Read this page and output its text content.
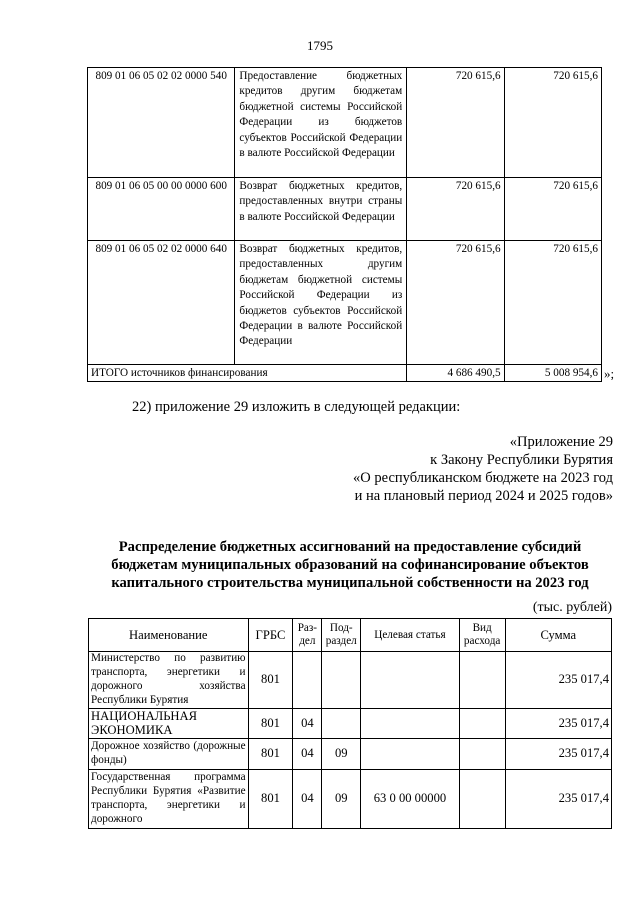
1795
809 01 06 05 02 02 0000 540	Предоставление бюджетных кредитов другим бюджетам бюджетной системы Российской Федерации из бюджетов субъектов Российской Федерации в валюте Российской Федерации	720 615,6	720 615,6
809 01 06 05 00 00 0000 600	Возврат бюджетных кредитов, предоставленных внутри страны в валюте Российской Федерации	720 615,6	720 615,6
809 01 06 05 02 02 0000 640	Возврат бюджетных кредитов, предоставленных другим бюджетам бюджетной системы Российской Федерации из бюджетов субъектов Российской Федерации в валюте Российской Федерации	720 615,6	720 615,6
ИТОГО источников финансирования		4 686 490,5	5 008 954,6 »;
22) приложение 29 изложить в следующей редакции:
«Приложение 29
к Закону Республики Бурятия
«О республиканском бюджете на 2023 год
и на плановый период 2024 и 2025 годов»
Распределение бюджетных ассигнований на предоставление субсидий
бюджетам муниципальных образований на софинансирование объектов
капитального строительства муниципальной собственности на 2023 год
(тыс. рублей)
Наименование	ГРБС	Раз-дел	Под-раздел	Целевая статья	Вид расхода	Сумма
Министерство по развитию транспорта, энергетики и дорожного хозяйства Республики Бурятия	801					235 017,4
НАЦИОНАЛЬНАЯ ЭКОНОМИКА	801	04				235 017,4
Дорожное хозяйство (дорожные фонды)	801	04	09			235 017,4
Государственная программа Республики Бурятия «Развитие транспорта, энергетики и дорожного	801	04	09	63 0 00 00000		235 017,4
